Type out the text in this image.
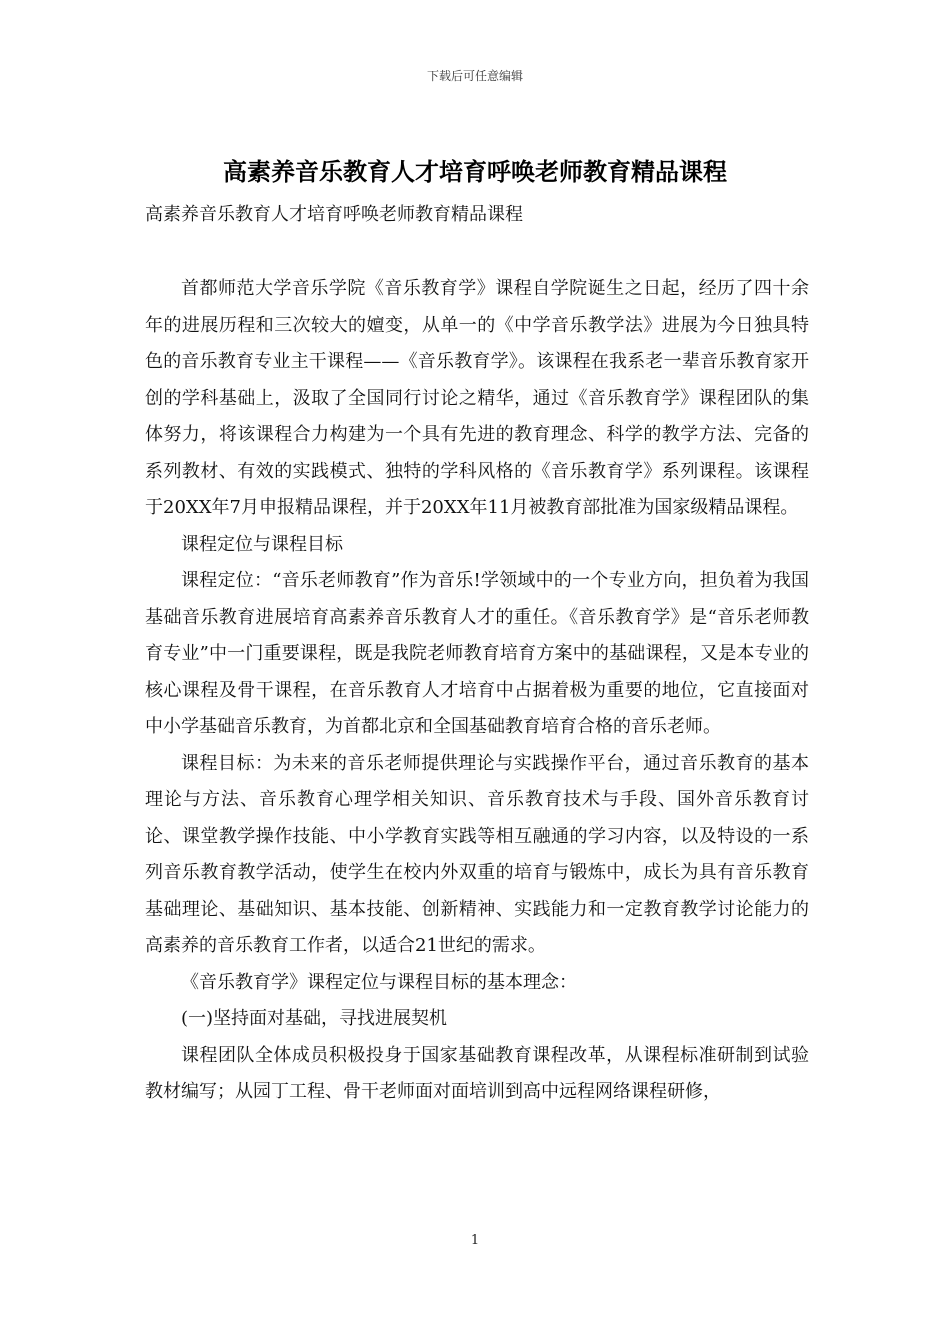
下载后可任意编辑
高素养音乐教育人才培育呼唤老师教育精品课程
高素养音乐教育人才培育呼唤老师教育精品课程

首都师范大学音乐学院《音乐教育学》课程自学院诞生之日起，经历了四十余年的进展历程和三次较大的嬗变，从单一的《中学音乐教学法》进展为今日独具特色的音乐教育专业主干课程——《音乐教育学》。该课程在我系老一辈音乐教育家开创的学科基础上，汲取了全国同行讨论之精华，通过《音乐教育学》课程团队的集体努力，将该课程合力构建为一个具有先进的教育理念、科学的教学方法、完备的系列教材、有效的实践模式、独特的学科风格的《音乐教育学》系列课程。该课程于20XX年7月申报精品课程，并于20XX年11月被教育部批准为国家级精品课程。

课程定位与课程目标

课程定位：“音乐老师教育”作为音乐!学领域中的一个专业方向，担负着为我国基础音乐教育进展培育高素养音乐教育人才的重任。《音乐教育学》是“音乐老师教育专业”中一门重要课程，既是我院老师教育培育方案中的基础课程，又是本专业的核心课程及骨干课程，在音乐教育人才培育中占据着极为重要的地位，它直接面对中小学基础音乐教育，为首都北京和全国基础教育培育合格的音乐老师。

课程目标：为未来的音乐老师提供理论与实践操作平台，通过音乐教育的基本理论与方法、音乐教育心理学相关知识、音乐教育技术与手段、国外音乐教育讨论、课堂教学操作技能、中小学教育实践等相互融通的学习内容，以及特设的一系列音乐教育教学活动，使学生在校内外双重的培育与锻炼中，成长为具有音乐教育基础理论、基础知识、基本技能、创新精神、实践能力和一定教育教学讨论能力的高素养的音乐教育工作者，以适合21世纪的需求。

《音乐教育学》课程定位与课程目标的基本理念：

(一)坚持面对基础，寻找进展契机

课程团队全体成员积极投身于国家基础教育课程改革，从课程标准研制到试验教材编写；从园丁工程、骨干老师面对面培训到高中远程网络课程研修，

1
